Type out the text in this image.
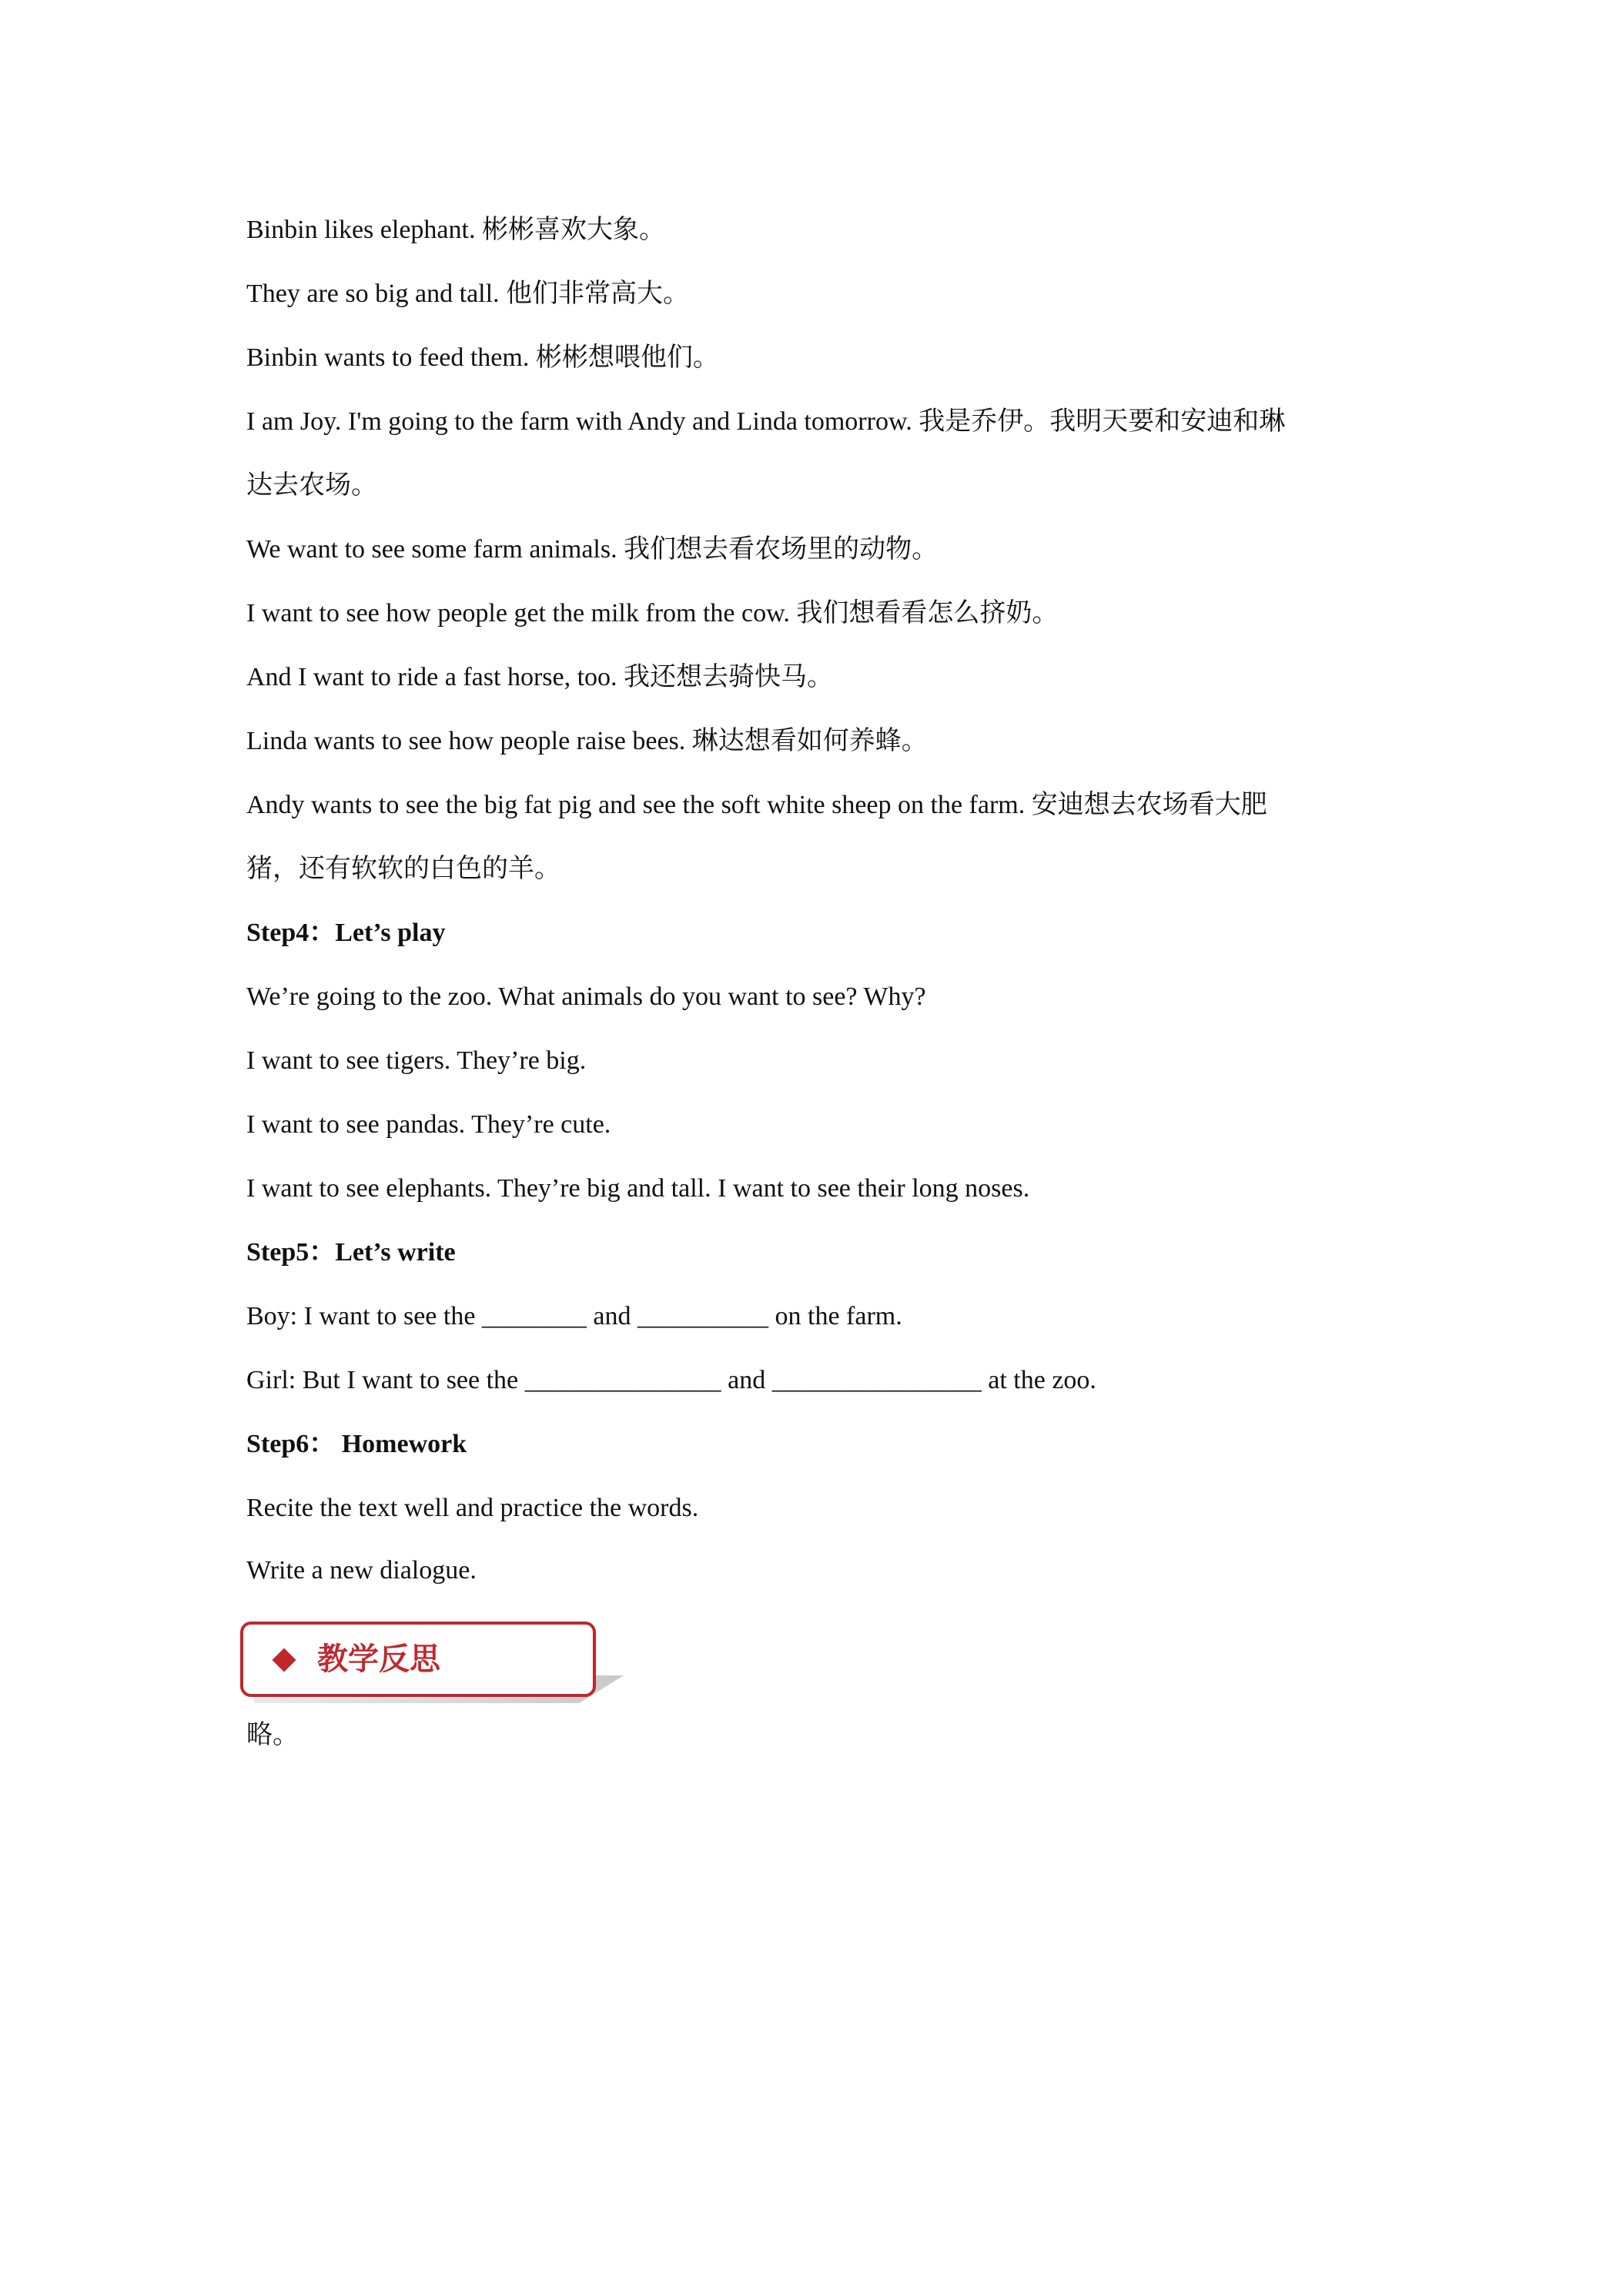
Binbin likes elephant. 彬彬喜欢大象。
They are so big and tall. 他们非常高大。
Binbin wants to feed them. 彬彬想喂他们。
I am Joy. I'm going to the farm with Andy and Linda tomorrow. 我是乔伊。我明天要和安迪和琳
达去农场。
We want to see some farm animals. 我们想去看农场里的动物。
I want to see how people get the milk from the cow. 我们想看看怎么挤奶。
And I want to ride a fast horse, too. 我还想去骑快马。
Linda wants to see how people raise bees. 琳达想看如何养蜂。
Andy wants to see the big fat pig and see the soft white sheep on the farm. 安迪想去农场看大肥
猪，还有软软的白色的羊。
Step4：Let’s play
We’re going to the zoo. What animals do you want to see? Why?
I want to see tigers. They’re big.
I want to see pandas. They’re cute.
I want to see elephants. They’re big and tall. I want to see their long noses.
Step5：Let’s write
Boy: I want to see the ________ and __________ on the farm.
Girl: But I want to see the _______________ and ________________ at the zoo.
Step6： Homework
Recite the text well and practice the words.
Write a new dialogue.
教学反思
略。
